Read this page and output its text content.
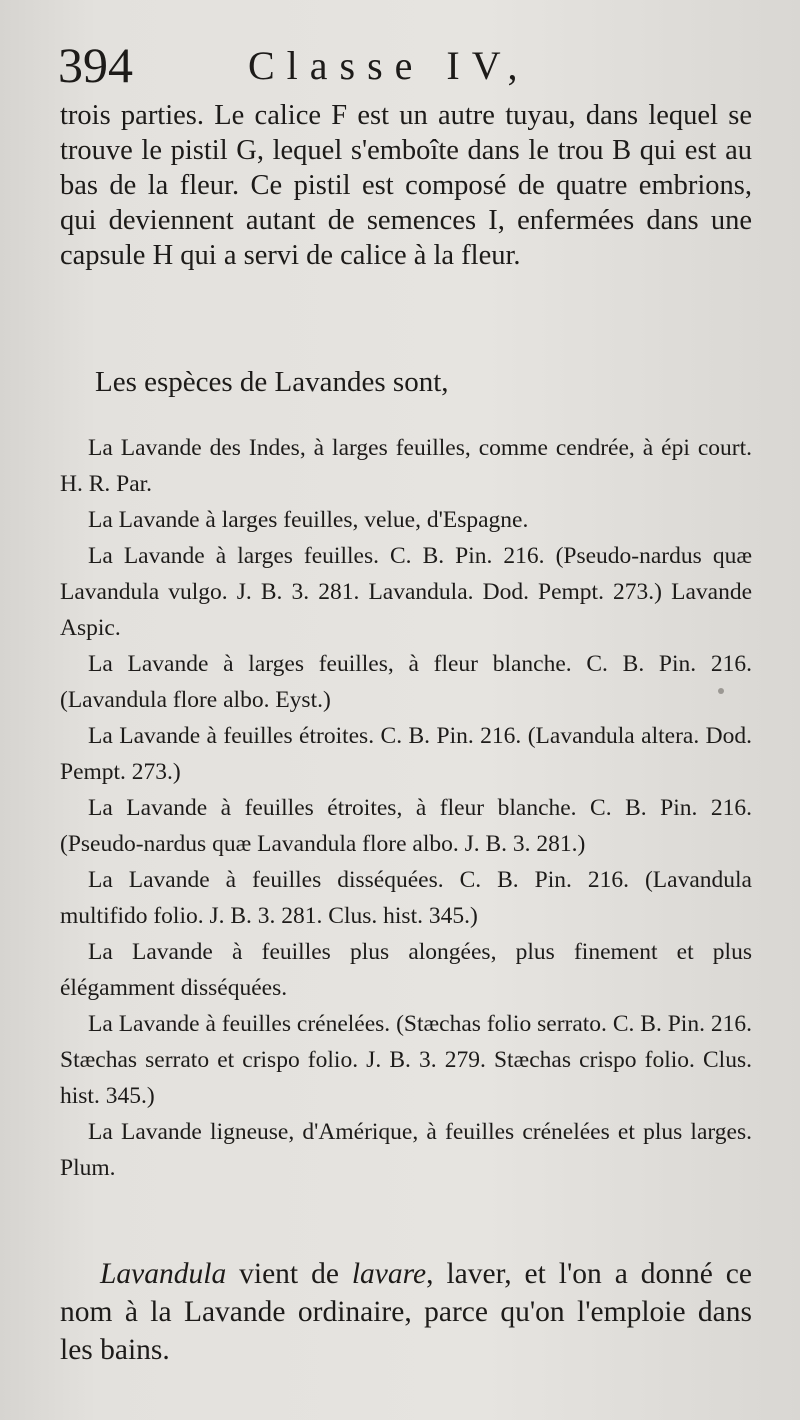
394	Classe IV,

trois parties. Le calice F est un autre tuyau, dans lequel se trouve le pistil G, lequel s'emboîte dans le trou B qui est au bas de la fleur. Ce pistil est composé de quatre embrions, qui deviennent autant de semences I, enfermées dans une capsule H qui a servi de calice à la fleur.

Les espèces de Lavandes sont,

La Lavande des Indes, à larges feuilles, comme cendrée, à épi court. H. R. Par.

La Lavande à larges feuilles, velue, d'Espagne.

La Lavande à larges feuilles. C. B. Pin. 216. (Pseudo-nardus quæ Lavandula vulgo. J. B. 3. 281. Lavandula. Dod. Pempt. 273.) Lavande Aspic.

La Lavande à larges feuilles, à fleur blanche. C. B. Pin. 216. (Lavandula flore albo. Eyst.)

La Lavande à feuilles étroites. C. B. Pin. 216. (Lavandula altera. Dod. Pempt. 273.)

La Lavande à feuilles étroites, à fleur blanche. C. B. Pin. 216. (Pseudo-nardus quæ Lavandula flore albo. J. B. 3. 281.)

La Lavande à feuilles disséquées. C. B. Pin. 216. (Lavandula multifido folio. J. B. 3. 281. Clus. hist. 345.)

La Lavande à feuilles plus alongées, plus finement et plus élégamment disséquées.

La Lavande à feuilles crénelées. (Stæchas folio serrato. C. B. Pin. 216. Stæchas serrato et crispo folio. J. B. 3. 279. Stæchas crispo folio. Clus. hist. 345.)

La Lavande ligneuse, d'Amérique, à feuilles crénelées et plus larges. Plum.

Lavandula vient de lavare, laver, et l'on a donné ce nom à la Lavande ordinaire, parce qu'on l'emploie dans les bains.
